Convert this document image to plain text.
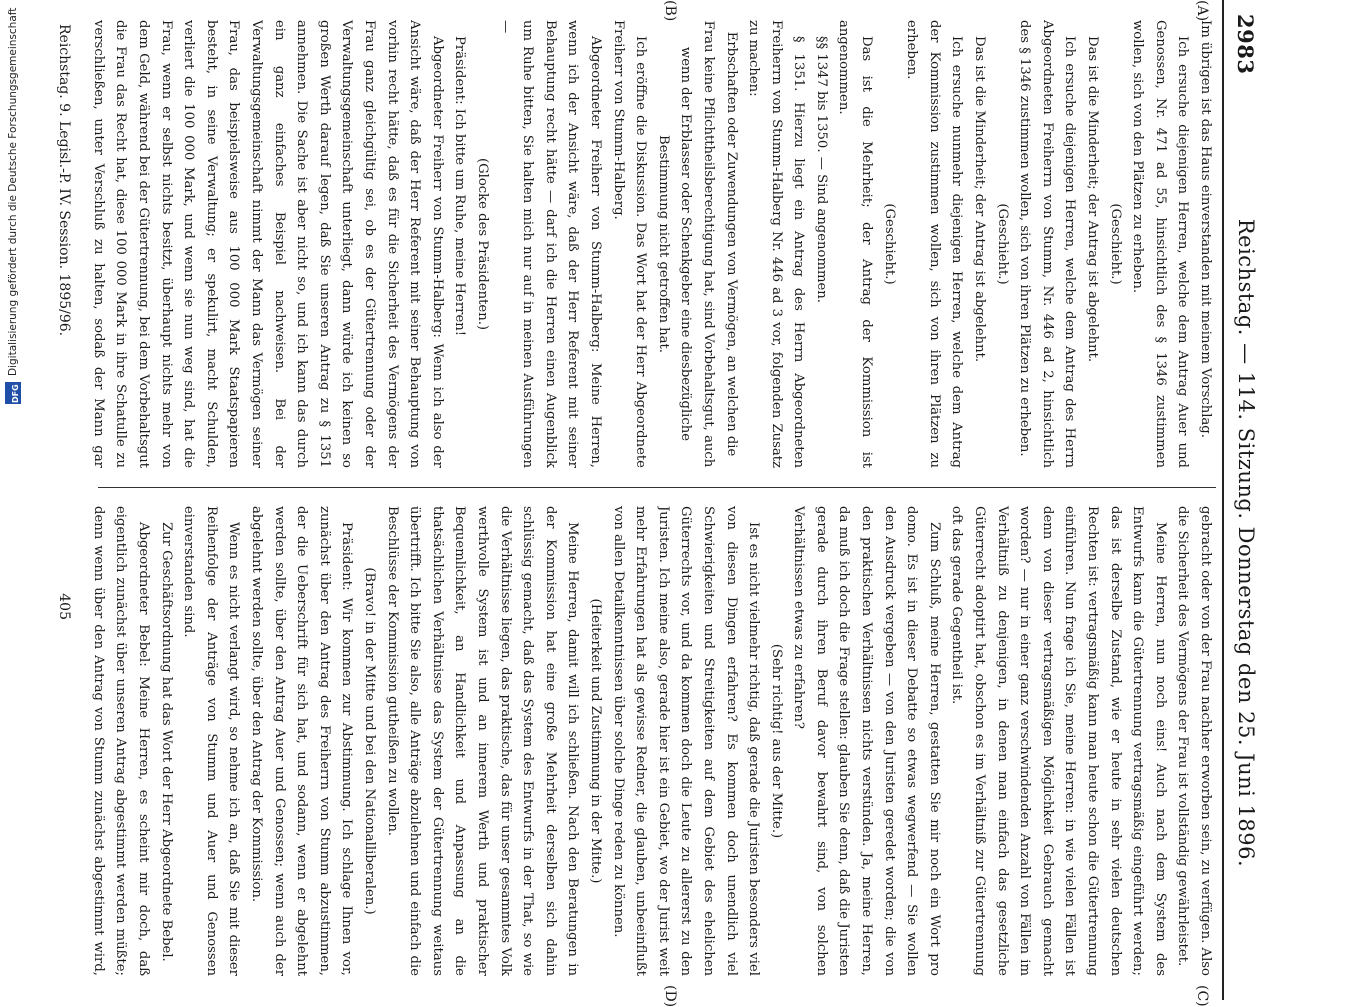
DFG
Digitalisierung gefördert durch die Deutsche Forschungsgemeinschaft	2983
Reichstag. — 114. Sitzung. Donnerstag den 25. Juni 1896.
(C)
(D)
(A)
(B)

Im übrigen ist das Haus einverstanden mit meinem Vorschlag.

Ich ersuche diejenigen Herren, welche dem Antrag Auer und Genossen, Nr. 471 ad 55, hinsichtlich des § 1346 zustimmen wollen, sich von den Plätzen zu erheben.

(Geschieht.)

Das ist die Minderheit; der Antrag ist abgelehnt.

Ich ersuche diejenigen Herren, welche dem Antrag des Herrn Abgeordneten Freiherrn von Stumm, Nr. 446 ad 2, hinsichtlich des § 1346 zustimmen wollen, sich von ihren Plätzen zu erheben.

(Geschieht.)

Das ist die Minderheit; der Antrag ist abgelehnt.

Ich ersuche nunmehr diejenigen Herren, welche dem Antrag der Kommission zustimmen wollen, sich von ihren Plätzen zu erheben.

(Geschieht.)

Das ist die Mehrheit; der Antrag der Kommission ist angenommen.

§§ 1347 bis 1350. — Sind angenommen.

§ 1351. Hierzu liegt ein Antrag des Herrn Abgeordneten Freiherrn von Stumm-Halberg Nr. 446 ad 3 vor, folgenden Zusatz zu machen:

Erbschaften oder Zuwendungen von Vermögen, an welchen die Frau keine Pflichttheilsberechtigung hat, sind Vorbehaltsgut, auch wenn der Erblasser oder Schenkgeber eine diesbezügliche Bestimmung nicht getroffen hat.

Ich eröffne die Diskussion. Das Wort hat der Herr Abgeordnete Freiherr von Stumm-Halberg.

Abgeordneter Freiherr von Stumm-Halberg: Meine Herren, wenn ich der Ansicht wäre, daß der Herr Referent mit seiner Behauptung recht hätte — darf ich die Herren einen Augenblick um Ruhe bitten, Sie halten mich nur auf in meinen Ausführungen —

(Glocke des Präsidenten.)

Präsident: Ich bitte um Ruhe, meine Herren!

Abgeordneter Freiherr von Stumm-Halberg: Wenn ich also der Ansicht wäre, daß der Herr Referent mit seiner Behauptung von vorhin recht hätte, daß es für die Sicherheit des Vermögens der Frau ganz gleichgültig sei, ob es der Gütertrennung oder der Verwaltungsgemeinschaft unterliegt, dann würde ich keinen so großen Werth darauf legen, daß Sie unseren Antrag zu § 1351 annehmen. Die Sache ist aber nicht so, und ich kann das durch ein ganz einfaches Beispiel nachweisen. Bei der Verwaltungsgemeinschaft nimmt der Mann das Vermögen seiner Frau, das beispielsweise aus 100 000 Mark Staatspapieren besteht, in seine Verwaltung; er spekulirt, macht Schulden, verliert die 100 000 Mark, und wenn sie nun weg sind, hat die Frau, wenn er selbst nichts besitzt, überhaupt nichts mehr von dem Geld, während bei der Gütertrennung, bei dem Vorbehaltsgut die Frau das Recht hat, diese 100 000 Mark in ihre Schatulle zu verschließen, unter Verschluß zu halten, sodaß der Mann gar

gebracht oder von der Frau nachher erworben sein, zu verfügen. Also die Sicherheit des Vermögens der Frau ist vollständig gewährleistet.

Meine Herren, nun noch eins! Auch nach dem System des Entwurfs kann die Gütertrennung vertragsmäßig eingeführt werden; das ist derselbe Zustand, wie er heute in sehr vielen deutschen Rechten ist: vertragsmäßig kann man heute schon die Gütertrennung einführen. Nun frage ich Sie, meine Herren: in wie vielen Fällen ist denn von dieser vertragsmäßigen Möglichkeit Gebrauch gemacht worden? — nur in einer ganz verschwindenden Anzahl von Fällen im Verhältniß zu denjenigen, in denen man einfach das gesetzliche Güterrecht adoptirt hat, obschon es im Verhältniß zur Gütertrennung oft das gerade Gegentheil ist.

Zum Schluß, meine Herren, gestatten Sie mir noch ein Wort pro domo. Es ist in dieser Debatte so etwas wegwerfend — Sie wollen den Ausdruck vergeben — von den Juristen geredet worden; die von den praktischen Verhältnissen nichts verstünden. Ja, meine Herren, da muß ich doch die Frage stellen: glauben Sie denn, daß die Juristen gerade durch ihren Beruf davor bewahrt sind, von solchen Verhältnissen etwas zu erfahren?

(Sehr richtig! aus der Mitte.)

Ist es nicht vielmehr richtig, daß gerade die Juristen besonders viel von diesen Dingen erfahren? Es kommen doch unendlich viel Schwierigkeiten und Streitigkeiten auf dem Gebiet des ehelichen Güterrechts vor, und da kommen doch die Leute zu allererst zu den Juristen. Ich meine also, gerade hier ist ein Gebiet, wo der Jurist weit mehr Erfahrungen hat als gewisse Redner, die glauben, unbeeinflußt von allen Detailkenntnissen über solche Dinge reden zu können.

(Heiterkeit und Zustimmung in der Mitte.)

Meine Herren, damit will ich schließen. Nach den Beratungen in der Kommission hat eine große Mehrheit derselben sich dahin schlüssig gemacht, daß das System des Entwurfs in der That, so wie die Verhältnisse liegen, das praktische, das für unser gesammtes Volk werthvolle System ist und an innerem Werth und praktischer Bequemlichkeit, an Handlichkeit und Anpassung an die thatsächlichen Verhältnisse das System der Gütertrennung weitaus übertrifft. Ich bitte Sie also, alle Anträge abzulehnen und einfach die Beschlüsse der Kommission gutheißen zu wollen.

(Bravo! in der Mitte und bei den Nationalliberalen.)

Präsident: Wir kommen zur Abstimmung. Ich schlage Ihnen vor, zunächst über den Antrag des Freiherrn von Stumm abzustimmen, der die Ueberschrift für sich hat, und sodann, wenn er abgelehnt werden sollte, über den Antrag Auer und Genossen; wenn auch der abgelehnt werden sollte, über den Antrag der Kommission.

Wenn es nicht verlangt wird, so nehme ich an, daß Sie mit dieser Reihenfolge der Anträge von Stumm und Auer und Genossen einverstanden sind.

Zur Geschäftsordnung hat das Wort der Herr Abgeordnete Bebel.

Abgeordneter Bebel: Meine Herren, es scheint mir doch, daß eigentlich zunächst über unseren Antrag abgestimmt werden müßte; denn wenn über den Antrag von Stumm zunächst abgestimmt wird,

Reichstag. 9. Legisl.-P. IV. Session. 1895/96.
405
